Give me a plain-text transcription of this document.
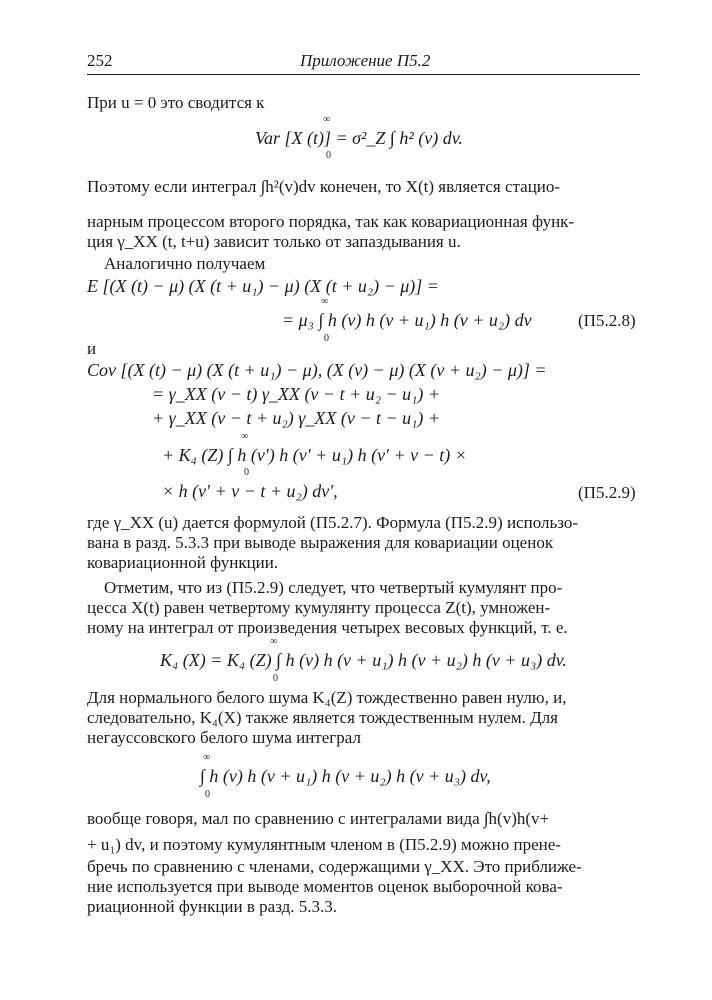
252	Приложение П5.2
При u = 0 это сводится к
Var [X (t)] = σ²_Z ∫ h² (v) dv.
∞
0
Поэтому если интеграл ∫h²(v)dv конечен, то X(t) является стацио-
нарным процессом второго порядка, так как ковариационная функ-
ция γ_XX (t, t+u) зависит только от запаздывания u.
Аналогично получаем
E [(X (t) − μ) (X (t + u₁) − μ) (X (t + u₂) − μ)] =
= μ₃ ∫ h (v) h (v + u₁) h (v + u₂) dv
∞
0
(П5.2.8)
и
Cov [(X (t) − μ) (X (t + u₁) − μ), (X (v) − μ) (X (v + u₂) − μ)] =
= γ_XX (v − t) γ_XX (v − t + u₂ − u₁) +
+ γ_XX (v − t + u₂) γ_XX (v − t − u₁) +
+ K₄ (Z) ∫ h (v′) h (v′ + u₁) h (v′ + v − t) ×
∞
0
× h (v′ + v − t + u₂) dv′,	(П5.2.9)
где γ_XX (u) дается формулой (П5.2.7). Формула (П5.2.9) использо-
вана в разд. 5.3.3 при выводе выражения для ковариации оценок
ковариационной функции.
Отметим, что из (П5.2.9) следует, что четвертый кумулянт про-
цесса X(t) равен четвертому кумулянту процесса Z(t), умножен-
ному на интеграл от произведения четырех весовых функций, т. е.
K₄ (X) = K₄ (Z) ∫ h (v) h (v + u₁) h (v + u₂) h (v + u₃) dv.
∞
0
Для нормального белого шума K₄(Z) тождественно равен нулю, и,
следовательно, K₄(X) также является тождественным нулем. Для
негауссовского белого шума интеграл
∫ h (v) h (v + u₁) h (v + u₂) h (v + u₃) dv,
∞
0
вообще говоря, мал по сравнению с интегралами вида ∫h(v)h(v+
+ u₁) dv, и поэтому кумулянтным членом в (П5.2.9) можно прене-
бречь по сравнению с членами, содержащими γ_XX. Это приближе-
ние используется при выводе моментов оценок выборочной кова-
риационной функции в разд. 5.3.3.
